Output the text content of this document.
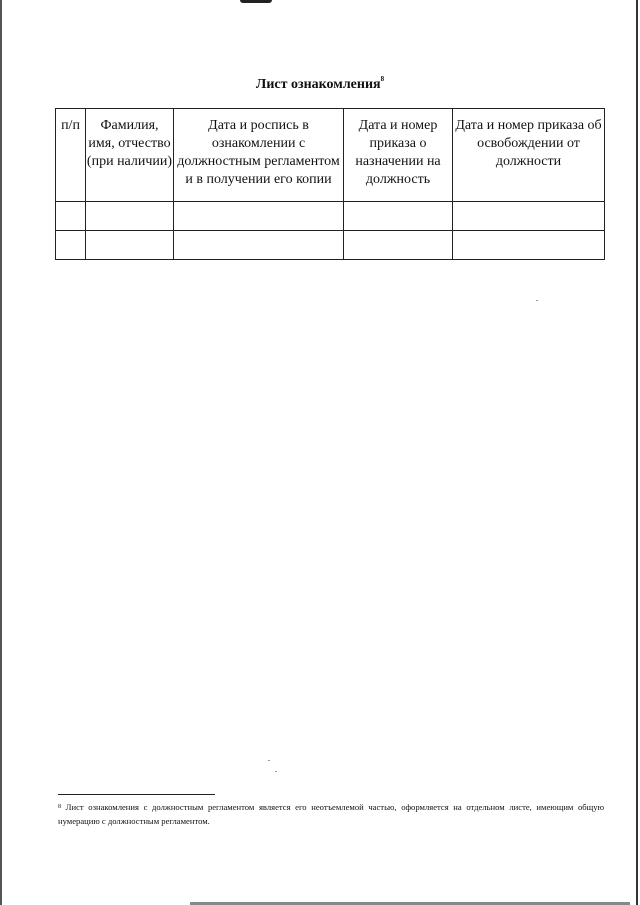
Лист ознакомления$^8$
п/п	Фамилия, имя, отчество (при наличии)	Дата и роспись в ознакомлении с должностным регламентом и в получении его копии	Дата и номер приказа о назначении на должность	Дата и номер приказа об освобождении от должности

$^8$ Лист ознакомления с должностным регламентом является его неотъемлемой частью, оформляется на отдельном листе, имеющим общую нумерацию с должностным регламентом.
